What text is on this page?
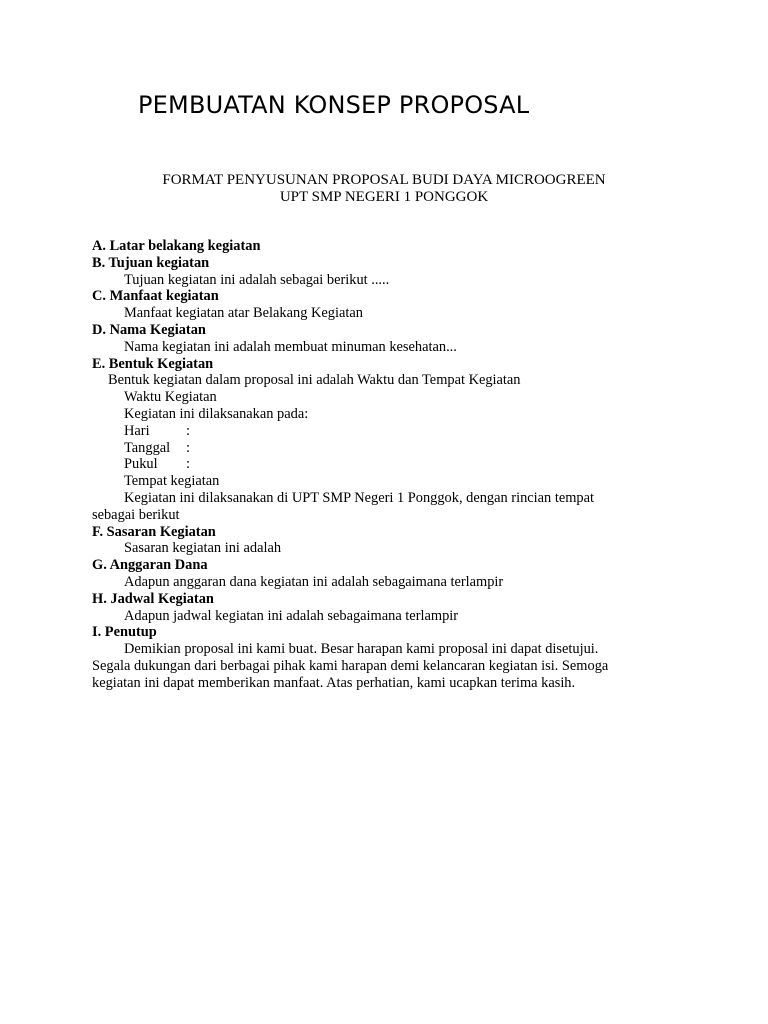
PEMBUATAN KONSEP PROPOSAL
FORMAT PENYUSUNAN PROPOSAL BUDI DAYA MICROOGREEN
UPT SMP NEGERI 1 PONGGOK
A. Latar belakang kegiatan
B. Tujuan kegiatan
Tujuan kegiatan ini adalah sebagai berikut .....
C. Manfaat kegiatan
Manfaat kegiatan atar Belakang Kegiatan
D. Nama Kegiatan
Nama kegiatan ini adalah membuat minuman kesehatan...
E. Bentuk Kegiatan
Bentuk kegiatan dalam proposal ini adalah Waktu dan Tempat Kegiatan
Waktu Kegiatan
Kegiatan ini dilaksanakan pada:
Hari	:
Tanggal	:
Pukul	:
Tempat kegiatan
Kegiatan ini dilaksanakan di UPT SMP Negeri 1 Ponggok, dengan rincian tempat
sebagai berikut
F. Sasaran Kegiatan
Sasaran kegiatan ini adalah
G. Anggaran Dana
Adapun anggaran dana kegiatan ini adalah sebagaimana terlampir
H. Jadwal Kegiatan
Adapun jadwal kegiatan ini adalah sebagaimana terlampir
I. Penutup
Demikian proposal ini kami buat. Besar harapan kami proposal ini dapat disetujui. Segala dukungan dari berbagai pihak kami harapan demi kelancaran kegiatan isi. Semoga kegiatan ini dapat memberikan manfaat. Atas perhatian, kami ucapkan terima kasih.
